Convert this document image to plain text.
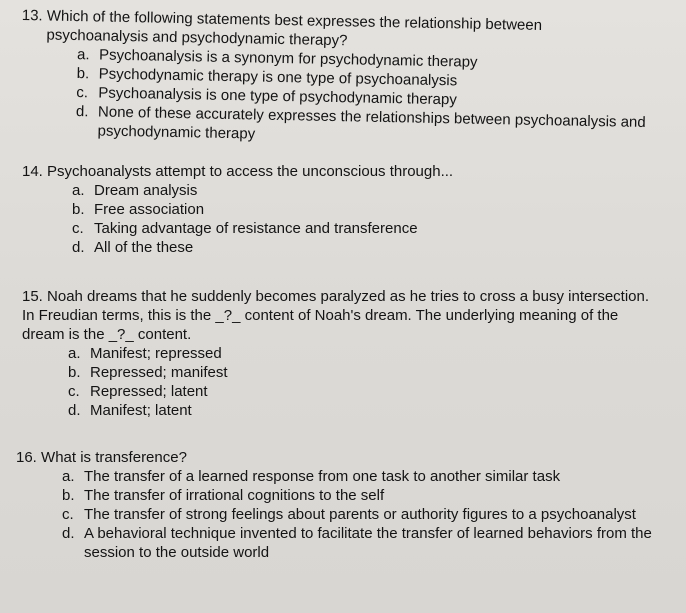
13.
Which of the following statements best expresses the relationship between psychoanalysis and psychodynamic therapy?
a. Psychoanalysis is a synonym for psychodynamic therapy
b. Psychodynamic therapy is one type of psychoanalysis
c. Psychoanalysis is one type of psychodynamic therapy
d. None of these accurately expresses the relationships between psychoanalysis and psychodynamic therapy
14. Psychoanalysts attempt to access the unconscious through...
a. Dream analysis
b. Free association
c. Taking advantage of resistance and transference
d. All of the these
15. Noah dreams that he suddenly becomes paralyzed as he tries to cross a busy intersection. In Freudian terms, this is the _?_ content of Noah's dream. The underlying meaning of the dream is the _?_ content.
a. Manifest; repressed
b. Repressed; manifest
c. Repressed; latent
d. Manifest; latent
16. What is transference?
a. The transfer of a learned response from one task to another similar task
b. The transfer of irrational cognitions to the self
c. The transfer of strong feelings about parents or authority figures to a psychoanalyst
d. A behavioral technique invented to facilitate the transfer of learned behaviors from the session to the outside world
